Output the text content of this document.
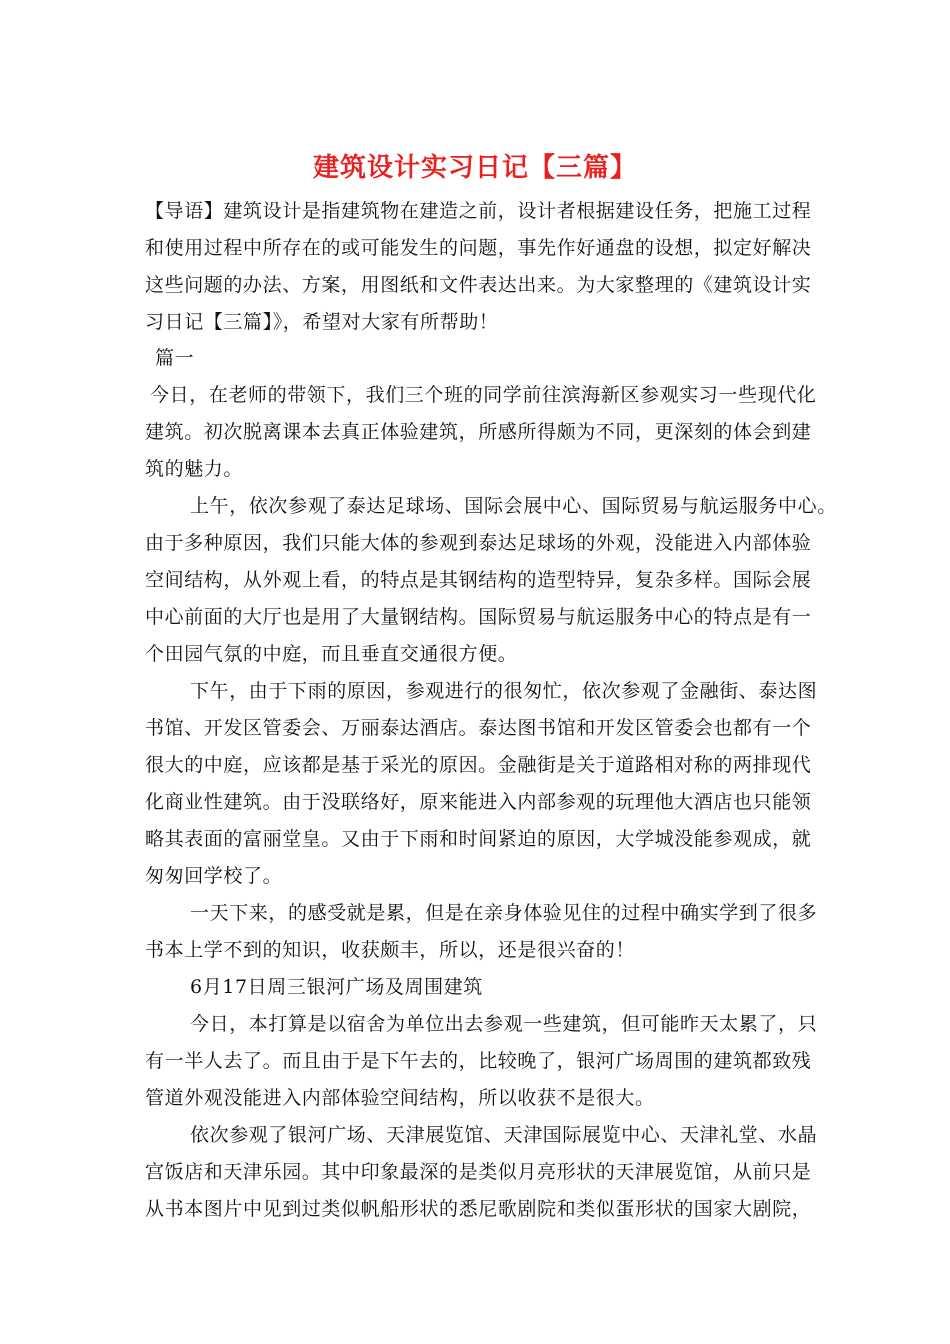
建筑设计实习日记【三篇】
【导语】建筑设计是指建筑物在建造之前，设计者根据建设任务，把施工过程
和使用过程中所存在的或可能发生的问题，事先作好通盘的设想，拟定好解决
这些问题的办法、方案，用图纸和文件表达出来。为大家整理的《建筑设计实
习日记【三篇】》，希望对大家有所帮助！
篇一
今日，在老师的带领下，我们三个班的同学前往滨海新区参观实习一些现代化
建筑。初次脱离课本去真正体验建筑，所感所得颇为不同，更深刻的体会到建
筑的魅力。
上午，依次参观了泰达足球场、国际会展中心、国际贸易与航运服务中心。
由于多种原因，我们只能大体的参观到泰达足球场的外观，没能进入内部体验
空间结构，从外观上看，的特点是其钢结构的造型特异，复杂多样。国际会展
中心前面的大厅也是用了大量钢结构。国际贸易与航运服务中心的特点是有一
个田园气氛的中庭，而且垂直交通很方便。
下午，由于下雨的原因，参观进行的很匆忙，依次参观了金融街、泰达图
书馆、开发区管委会、万丽泰达酒店。泰达图书馆和开发区管委会也都有一个
很大的中庭，应该都是基于采光的原因。金融街是关于道路相对称的两排现代
化商业性建筑。由于没联络好，原来能进入内部参观的玩理他大酒店也只能领
略其表面的富丽堂皇。又由于下雨和时间紧迫的原因，大学城没能参观成，就
匆匆回学校了。
一天下来，的感受就是累，但是在亲身体验见住的过程中确实学到了很多
书本上学不到的知识，收获颇丰，所以，还是很兴奋的！
6月17日周三银河广场及周围建筑
今日，本打算是以宿舍为单位出去参观一些建筑，但可能昨天太累了，只
有一半人去了。而且由于是下午去的，比较晚了，银河广场周围的建筑都致残
管道外观没能进入内部体验空间结构，所以收获不是很大。
依次参观了银河广场、天津展览馆、天津国际展览中心、天津礼堂、水晶
宫饭店和天津乐园。其中印象最深的是类似月亮形状的天津展览馆，从前只是
从书本图片中见到过类似帆船形状的悉尼歌剧院和类似蛋形状的国家大剧院，
